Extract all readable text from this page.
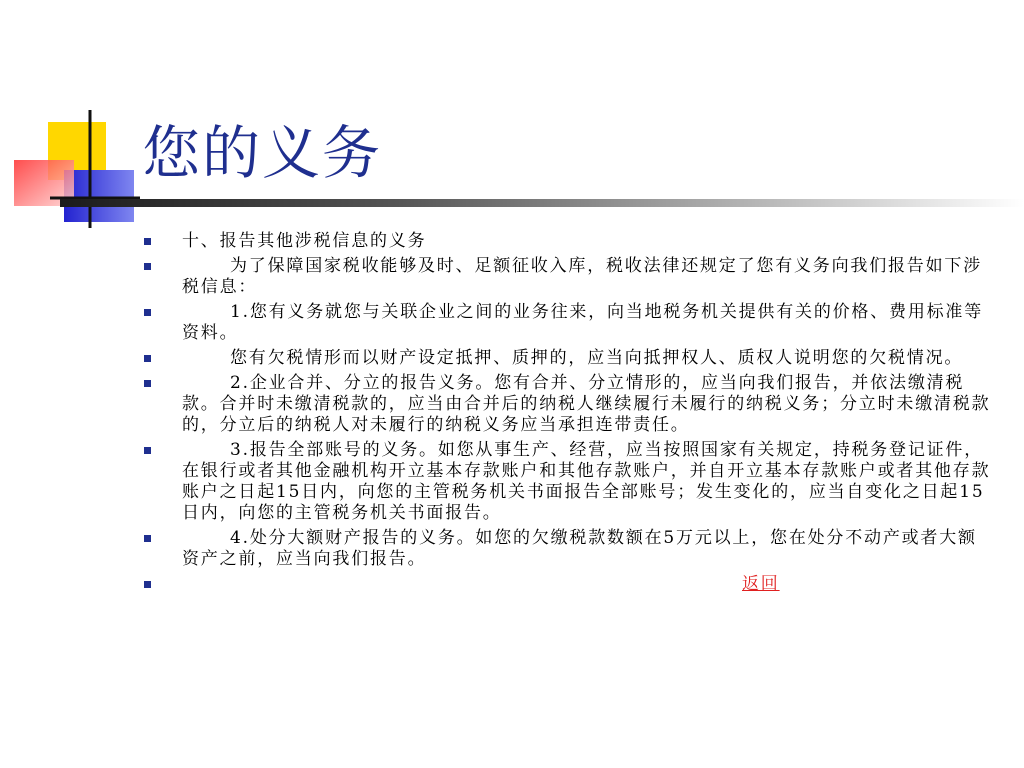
您的义务
十、报告其他涉税信息的义务
为了保障国家税收能够及时、足额征收入库，税收法律还规定了您有义务向我们报告如下涉税信息：
1.您有义务就您与关联企业之间的业务往来，向当地税务机关提供有关的价格、费用标准等资料。
您有欠税情形而以财产设定抵押、质押的，应当向抵押权人、质权人说明您的欠税情况。
2.企业合并、分立的报告义务。您有合并、分立情形的，应当向我们报告，并依法缴清税款。合并时未缴清税款的，应当由合并后的纳税人继续履行未履行的纳税义务；分立时未缴清税款的，分立后的纳税人对未履行的纳税义务应当承担连带责任。
3.报告全部账号的义务。如您从事生产、经营，应当按照国家有关规定，持税务登记证件，在银行或者其他金融机构开立基本存款账户和其他存款账户，并自开立基本存款账户或者其他存款账户之日起15日内，向您的主管税务机关书面报告全部账号；发生变化的，应当自变化之日起15日内，向您的主管税务机关书面报告。
4.处分大额财产报告的义务。如您的欠缴税款数额在5万元以上，您在处分不动产或者大额资产之前，应当向我们报告。
返回
